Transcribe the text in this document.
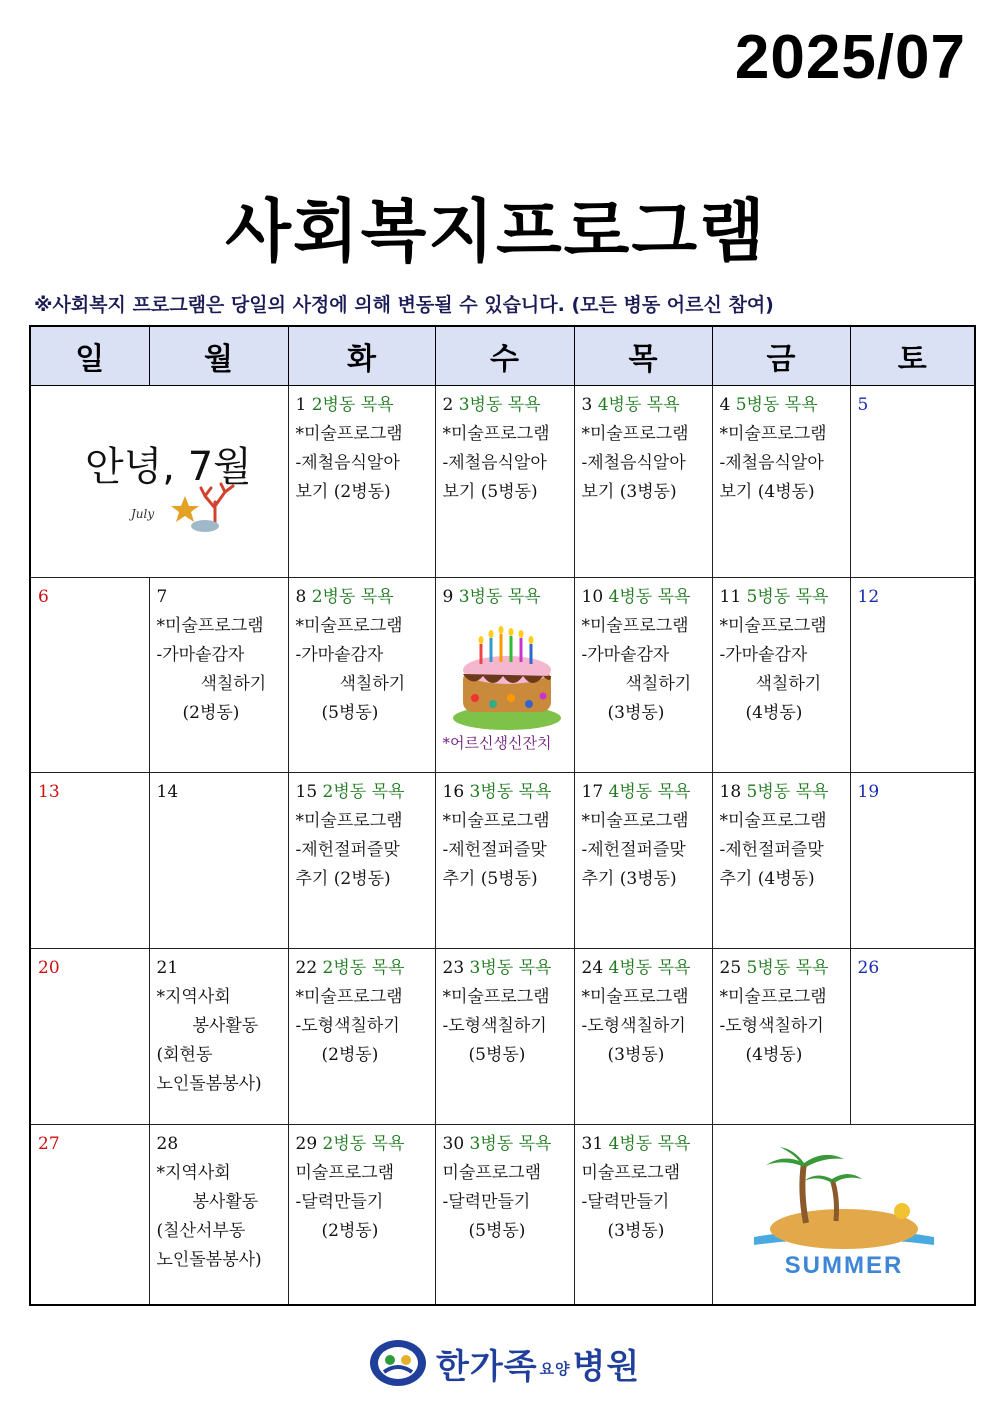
2025/07
사회복지프로그램
※사회복지 프로그램은 당일의 사정에 의해 변동될 수 있습니다. (모든 병동 어르신 참여)
일	월	화	수	목	금	토

안녕, 7월
July		1 2병동 목욕
*미술프로그램
-제철음식알아
보기 (2병동)	2 3병동 목욕
*미술프로그램
-제철음식알아
보기 (5병동)	3 4병동 목욕
*미술프로그램
-제철음식알아
보기 (3병동)	4 5병동 목욕
*미술프로그램
-제철음식알아
보기 (4병동)	5

6	7
*미술프로그램
-가마솥감자
색칠하기
(2병동)	8 2병동 목욕
*미술프로그램
-가마솥감자
색칠하기
(5병동)	9 3병동 목욕
*어르신생신잔치	10 4병동 목욕
*미술프로그램
-가마솥감자
색칠하기
(3병동)	11 5병동 목욕
*미술프로그램
-가마솥감자
색칠하기
(4병동)	12

13	14	15 2병동 목욕
*미술프로그램
-제헌절퍼즐맞
추기 (2병동)	16 3병동 목욕
*미술프로그램
-제헌절퍼즐맞
추기 (5병동)	17 4병동 목욕
*미술프로그램
-제헌절퍼즐맞
추기 (3병동)	18 5병동 목욕
*미술프로그램
-제헌절퍼즐맞
추기 (4병동)	19

20	21
*지역사회
봉사활동
(회현동
노인돌봄봉사)	22 2병동 목욕
*미술프로그램
-도형색칠하기
(2병동)	23 3병동 목욕
*미술프로그램
-도형색칠하기
(5병동)	24 4병동 목욕
*미술프로그램
-도형색칠하기
(3병동)	25 5병동 목욕
*미술프로그램
-도형색칠하기
(4병동)	26

27	28
*지역사회
봉사활동
(칠산서부동
노인돌봄봉사)	29 2병동 목욕
미술프로그램
-달력만들기
(2병동)	30 3병동 목욕
미술프로그램
-달력만들기
(5병동)	31 4병동 목욕
미술프로그램
-달력만들기
(3병동)	SUMMER	
한가족 요양병원
